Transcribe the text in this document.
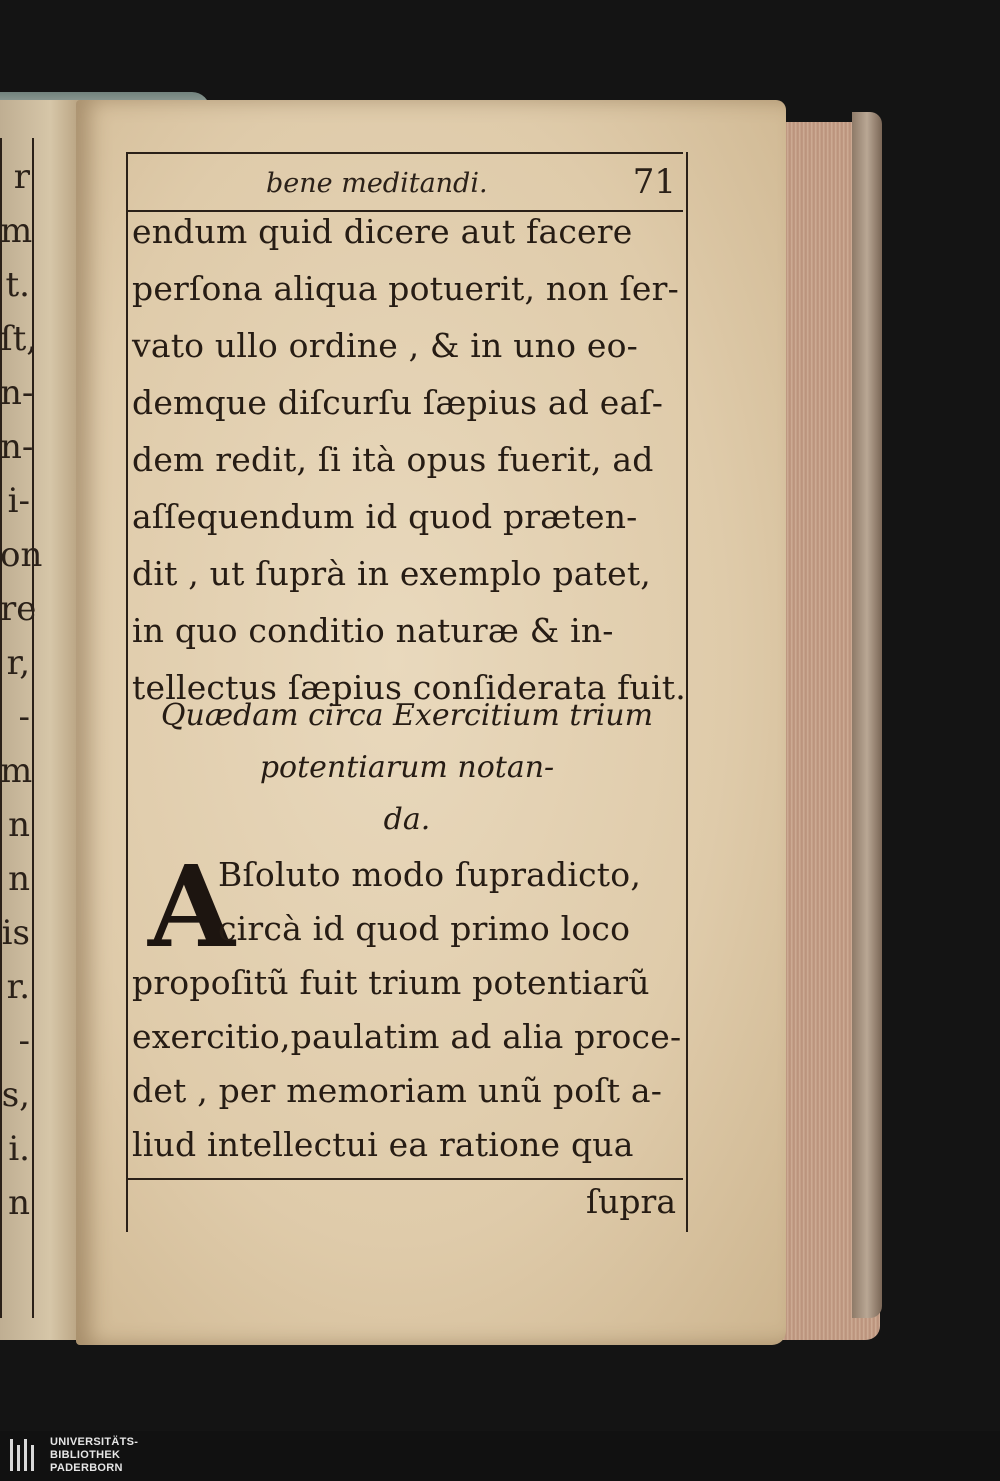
r
m
t.
ſt,
n-
n-
i-
on
re
r,
-
m
n
n
is
r.
-
s,
i.
n
bene meditandi.	71
endum quid dicere aut facere
perſona aliqua potuerit, non ſer-
vato ullo ordine , & in uno eo-
demque diſcurſu ſæpius ad eaſ-
dem redit, ſi ità opus fuerit, ad
aſſequendum id quod præten-
dit , ut ſuprà in exemplo patet,
in quo conditio naturæ & in-
tellectus ſæpius conſiderata fuit.
Quædam circa Exercitium trium
potentiarum notan-
da.
A
Bſoluto modo ſupradicto,
circà id quod primo loco
propoſitũ fuit trium potentiarũ
exercitio,paulatim ad alia proce-
det , per memoriam unũ poſt a-
liud intellectui ea ratione qua
ſupra
UNIVERSITÄTS-
BIBLIOTHEK
PADERBORN
